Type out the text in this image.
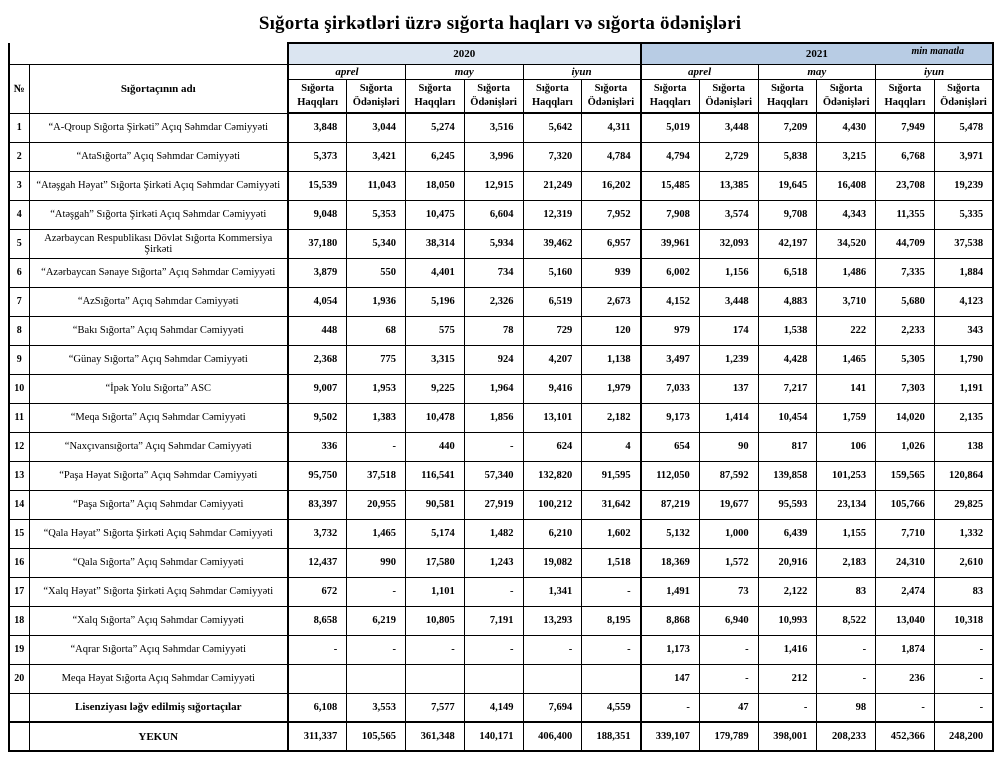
Sığorta şirkətləri üzrə sığorta haqları və sığorta ödənişləri
min manatla
		2020						2021					
№	Sığortaçının adı	aprel		may		iyun		aprel		may		iyun	
		Sığorta Haqqları	Sığorta Ödənişləri	Sığorta Haqqları	Sığorta Ödənişləri	Sığorta Haqqları	Sığorta Ödənişləri	Sığorta Haqqları	Sığorta Ödənişləri	Sığorta Haqqları	Sığorta Ödənişləri	Sığorta Haqqları	Sığorta Ödənişləri
1	“A-Qroup Sığorta Şirkəti” Açıq Səhmdar Cəmiyyəti	3,848	3,044	5,274	3,516	5,642	4,311	5,019	3,448	7,209	4,430	7,949	5,478
2	“AtaSığorta” Açıq Səhmdar Cəmiyyəti	5,373	3,421	6,245	3,996	7,320	4,784	4,794	2,729	5,838	3,215	6,768	3,971
3	“Atəşgah Həyat” Sığorta Şirkəti Açıq Səhmdar Cəmiyyəti	15,539	11,043	18,050	12,915	21,249	16,202	15,485	13,385	19,645	16,408	23,708	19,239
4	“Atəşgah” Sığorta Şirkəti Açıq Səhmdar Cəmiyyəti	9,048	5,353	10,475	6,604	12,319	7,952	7,908	3,574	9,708	4,343	11,355	5,335
5	Azərbaycan Respublikası Dövlət Sığorta Kommersiya Şirkəti	37,180	5,340	38,314	5,934	39,462	6,957	39,961	32,093	42,197	34,520	44,709	37,538
6	“Azərbaycan Sənaye Sığorta” Açıq Səhmdar Cəmiyyəti	3,879	550	4,401	734	5,160	939	6,002	1,156	6,518	1,486	7,335	1,884
7	“AzSığorta” Açıq Səhmdar Cəmiyyəti	4,054	1,936	5,196	2,326	6,519	2,673	4,152	3,448	4,883	3,710	5,680	4,123
8	“Bakı Sığorta” Açıq Səhmdar Cəmiyyəti	448	68	575	78	729	120	979	174	1,538	222	2,233	343
9	“Günay Sığorta” Açıq Səhmdar Cəmiyyəti	2,368	775	3,315	924	4,207	1,138	3,497	1,239	4,428	1,465	5,305	1,790
10	“İpək Yolu Sığorta” ASC	9,007	1,953	9,225	1,964	9,416	1,979	7,033	137	7,217	141	7,303	1,191
11	“Meqa Sığorta” Açıq Səhmdar Cəmiyyəti	9,502	1,383	10,478	1,856	13,101	2,182	9,173	1,414	10,454	1,759	14,020	2,135
12	“Naxçıvansığorta” Açıq Səhmdar Cəmiyyəti	336	-	440	-	624	4	654	90	817	106	1,026	138
13	“Paşa Həyat Sığorta” Açıq Səhmdar Cəmiyyəti	95,750	37,518	116,541	57,340	132,820	91,595	112,050	87,592	139,858	101,253	159,565	120,864
14	“Paşa Sığorta” Açıq Səhmdar Cəmiyyəti	83,397	20,955	90,581	27,919	100,212	31,642	87,219	19,677	95,593	23,134	105,766	29,825
15	“Qala Həyat” Sığorta Şirkəti Açıq Səhmdar Cəmiyyəti	3,732	1,465	5,174	1,482	6,210	1,602	5,132	1,000	6,439	1,155	7,710	1,332
16	“Qala Sığorta” Açıq Səhmdar Cəmiyyəti	12,437	990	17,580	1,243	19,082	1,518	18,369	1,572	20,916	2,183	24,310	2,610
17	“Xalq Həyat” Sığorta Şirkəti Açıq Səhmdar Cəmiyyəti	672	-	1,101	-	1,341	-	1,491	73	2,122	83	2,474	83
18	“Xalq Sığorta” Açıq Səhmdar Cəmiyyəti	8,658	6,219	10,805	7,191	13,293	8,195	8,868	6,940	10,993	8,522	13,040	10,318
19	“Aqrar Sığorta” Açıq Səhmdar Cəmiyyəti	-	-	-	-	-	-	1,173	-	1,416	-	1,874	-
20	Meqa Həyat Sığorta Açıq Səhmdar Cəmiyyəti							147	-	212	-	236	-
	Lisenziyası ləğv edilmiş sığortaçılar	6,108	3,553	7,577	4,149	7,694	4,559	-	47	-	98	-	-
	YEKUN	311,337	105,565	361,348	140,171	406,400	188,351	339,107	179,789	398,001	208,233	452,366	248,200
